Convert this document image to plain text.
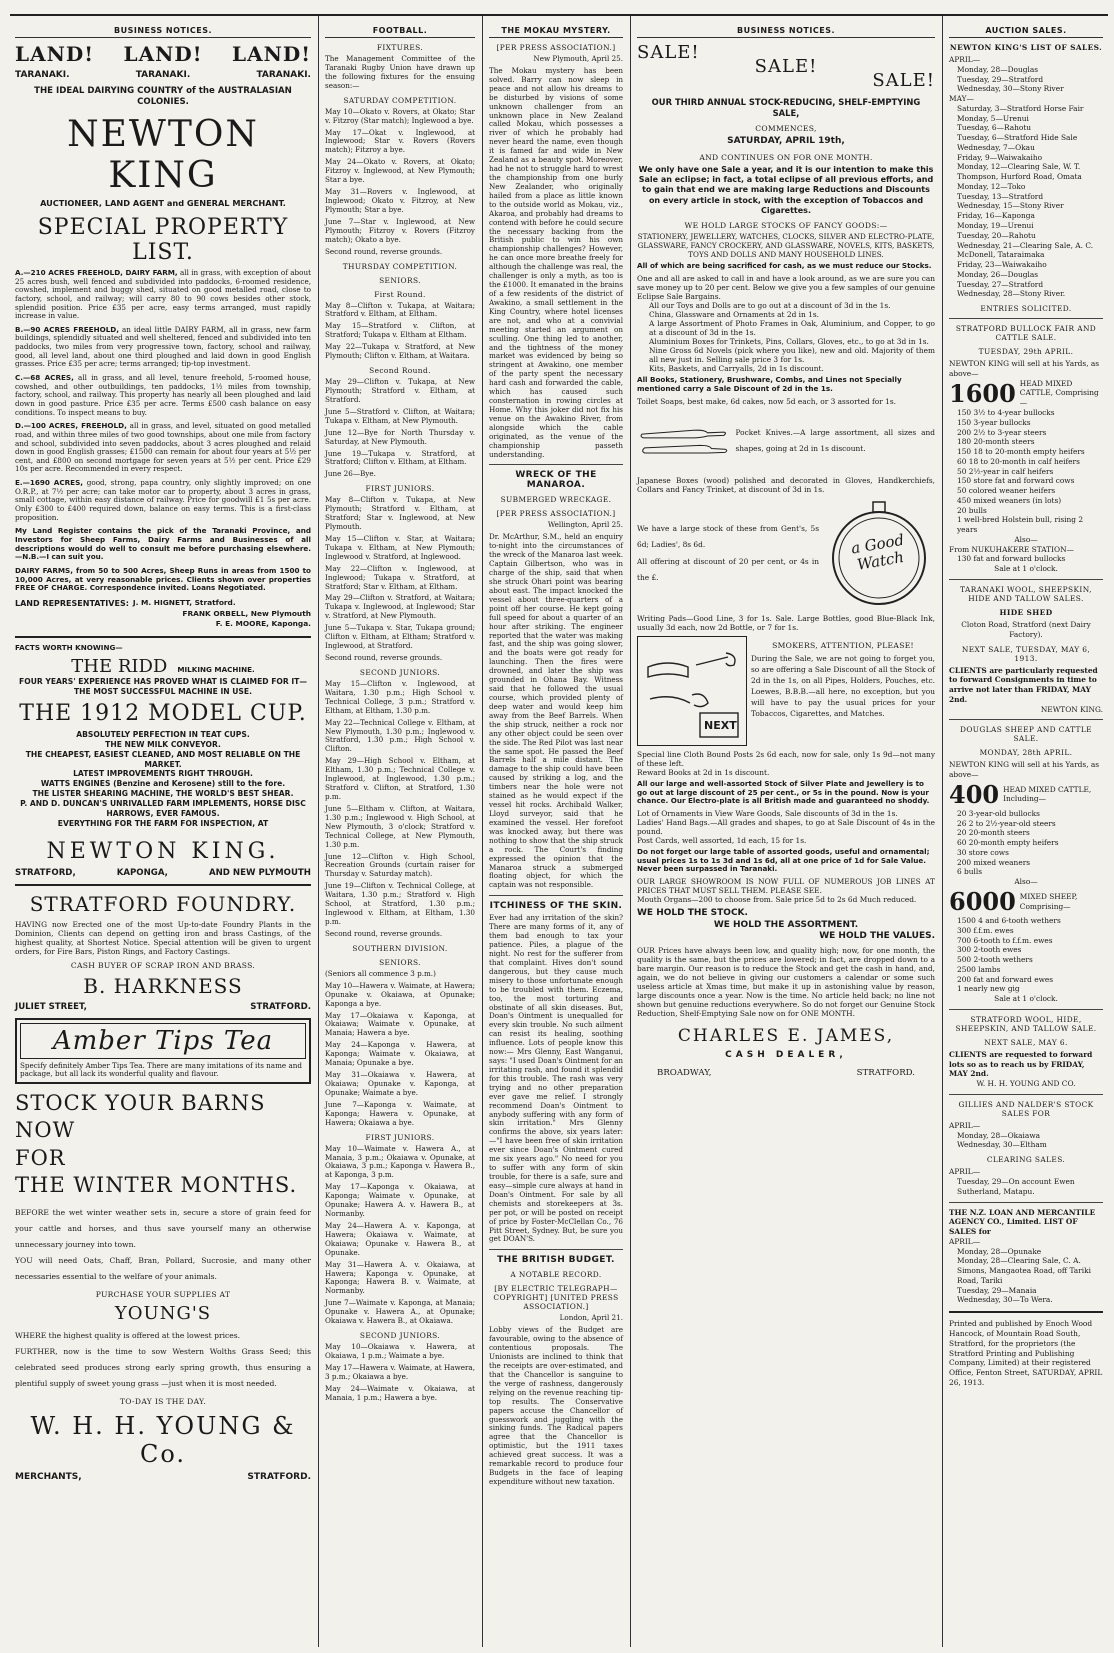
BUSINESS NOTICES.
LAND! LAND! LAND!
TARANAKI.	TARANAKI.	TARANAKI.
THE IDEAL DAIRYING COUNTRY of the AUSTRALASIAN COLONIES.
NEWTON KING
AUCTIONEER, LAND AGENT and GENERAL MERCHANT.
SPECIAL PROPERTY LIST.
A.—210 ACRES FREEHOLD, DAIRY FARM, all in grass, with exception of about 25 acres bush, well fenced and subdivided into paddocks, 6-roomed residence, cowshed, implement and buggy shed, situated on good metalled road, close to factory, school, and railway; will carry 80 to 90 cows besides other stock, splendid position. Price £35 per acre, easy terms arranged, must rapidly increase in value.
B.—90 ACRES FREEHOLD, an ideal little DAIRY FARM, all in grass, new farm buildings, splendidly situated and well sheltered, fenced and subdivided into ten paddocks, two miles from very progressive town, factory, school and railway, good, all level land, about one third ploughed and laid down in good English grasses. Price £35 per acre; terms arranged; tip-top investment.
C.—68 ACRES, all in grass, and all level, tenure freehold, 5-roomed house, cowshed, and other outbuildings, ten paddocks, 1½ miles from township, factory, school, and railway. This property has nearly all been ploughed and laid down in good pasture. Price £35 per acre. Terms £500 cash balance on easy conditions. To inspect means to buy.
D.—100 ACRES, FREEHOLD, all in grass, and level, situated on good metalled road, and within three miles of two good townships, about one mile from factory and school, subdivided into seven paddocks, about 3 acres ploughed and relaid down in good English grasses; £1500 can remain for about four years at 5½ per cent, and £800 on second mortgage for seven years at 5½ per cent. Price £29 10s per acre. Recommended in every respect.
E.—1690 ACRES, good, strong, papa country, only slightly improved; on one O.R.P., at 7½ per acre; can take motor car to property, about 3 acres in grass, small cottage, within easy distance of railway. Price for goodwill £1 5s per acre. Only £300 to £400 required down, balance on easy terms. This is a first-class proposition.
My Land Register contains the pick of the Taranaki Province, and Investors for Sheep Farms, Dairy Farms and Businesses of all descriptions would do well to consult me before purchasing elsewhere.—N.B.—I can suit you.
DAIRY FARMS, from 50 to 500 Acres, Sheep Runs in areas from 1500 to 10,000 Acres, at very reasonable prices. Clients shown over properties FREE OF CHARGE. Correspondence invited. Loans Negotiated.
LAND REPRESENTATIVES: J. M. HIGNETT, Stratford.
FRANK ORBELL, New Plymouth
F. E. MOORE, Kaponga.
FACTS WORTH KNOWING—
THE RIDD MILKING MACHINE.
FOUR YEARS' EXPERIENCE HAS PROVED WHAT IS CLAIMED FOR IT—THE MOST SUCCESSFUL MACHINE IN USE.
THE 1912 MODEL CUP.
ABSOLUTELY PERFECTION IN TEAT CUPS.
THE NEW MILK CONVEYOR.
THE CHEAPEST, EASIEST CLEANED, AND MOST RELIABLE ON THE MARKET.
LATEST IMPROVEMENTS RIGHT THROUGH.
WATTS ENGINES (Benzine and Kerosene) still to the fore.
THE LISTER SHEARING MACHINE, THE WORLD'S BEST SHEAR.
P. AND D. DUNCAN'S UNRIVALLED FARM IMPLEMENTS, HORSE DISC HARROWS, EVER FAMOUS.
EVERYTHING FOR THE FARM FOR INSPECTION, AT
NEWTON KING.
STRATFORD,	KAPONGA,	AND NEW PLYMOUTH
STRATFORD FOUNDRY.
HAVING now Erected one of the most Up-to-date Foundry Plants in the Dominion, Clients can depend on getting iron and brass Castings, of the highest quality, at Shortest Notice. Special attention will be given to urgent orders, for Fire Bars, Piston Rings, and Factory Castings.
CASH BUYER OF SCRAP IRON AND BRASS.
B. HARKNESS
JULIET STREET,	STRATFORD.
Amber Tips Tea
Specify definitely Amber Tips Tea. There are many imitations of its name and package, but all lack its wonderful quality and flavour.
STOCK YOUR BARNS NOW
FOR
THE WINTER MONTHS.
BEFORE the wet winter weather sets in, secure a store of grain feed for your cattle and horses, and thus save yourself many an otherwise unnecessary journey into town.
YOU will need Oats, Chaff, Bran, Pollard, Sucrosie, and many other necessaries essential to the welfare of your animals.
PURCHASE YOUR SUPPLIES AT
YOUNG'S
WHERE the highest quality is offered at the lowest prices.
FURTHER, now is the time to sow Western Wolths Grass Seed; this celebrated seed produces strong early spring growth, thus ensuring a plentiful supply of sweet young grass —just when it is most needed.
TO-DAY IS THE DAY.
W. H. H. YOUNG & Co.
MERCHANTS,	STRATFORD.
FOOTBALL.
FIXTURES.
The Management Committee of the Taranaki Rugby Union have drawn up the following fixtures for the ensuing season:—
SATURDAY COMPETITION.
May 10—Okato v. Rovers, at Okato; Star v. Fitzroy (Star match); Inglewood a bye.
May 17—Okat v. Inglewood, at Inglewood; Star v. Rovers (Rovers match); Fitzroy a bye.
May 24—Okato v. Rovers, at Okato; Fitzroy v. Inglewood, at New Plymouth; Star a bye.
May 31—Rovers v. Inglewood, at Inglewood; Okato v. Fitzroy, at New Plymouth; Star a bye.
June 7—Star v. Inglewood, at New Plymouth; Fitzroy v. Rovers (Fitzroy match); Okato a bye.
Second round, reverse grounds.
THURSDAY COMPETITION.
SENIORS.
First Round.
May 8—Clifton v. Tukapa, at Waitara; Stratford v. Eltham, at Eltham.
May 15—Stratford v. Clifton, at Stratford; Tukapa v. Eltham at Eltham.
May 22—Tukapa v. Stratford, at New Plymouth; Clifton v. Eltham, at Waitara.
Second Round.
May 29—Clifton v. Tukapa, at New Plymouth; Stratford v. Eltham, at Stratford.
June 5—Stratford v. Clifton, at Waitara; Tukapa v. Eltham, at New Plymouth.
June 12—Bye for North Thursday v. Saturday, at New Plymouth.
June 19—Tukapa v. Stratford, at Stratford; Clifton v. Eltham, at Eltham.
June 26—Bye.
FIRST JUNIORS.
May 8—Clifton v. Tukapa, at New Plymouth; Stratford v. Eltham, at Stratford; Star v. Inglewood, at New Plymouth.
May 15—Clifton v. Star, at Waitara; Tukapa v. Eltham, at New Plymouth; Inglewood v. Stratford, at Inglewood.
May 22—Clifton v. Inglewood, at Inglewood; Tukapa v. Stratford, at Stratford; Star v. Eltham, at Eltham.
May 29—Clifton v. Stratford, at Waitara; Tukapa v. Inglewood, at Inglewood; Star v. Stratford, at New Plymouth.
June 5—Tukapa v. Star, Tukapa ground; Clifton v. Eltham, at Eltham; Stratford v. Inglewood, at Stratford.
Second round, reverse grounds.
SECOND JUNIORS.
May 15—Clifton v. Inglewood, at Waitara, 1.30 p.m.; High School v. Technical College, 3 p.m.; Stratford v. Eltham, at Eltham, 1.30 p.m.
May 22—Technical College v. Eltham, at New Plymouth, 1.30 p.m.; Inglewood v. Stratford, 1.30 p.m.; High School v. Clifton.
May 29—High School v. Eltham, at Eltham, 1.30 p.m.; Technical College v. Inglewood, at Inglewood, 1.30 p.m.; Stratford v. Clifton, at Stratford, 1.30 p.m.
June 5—Eltham v. Clifton, at Waitara, 1.30 p.m.; Inglewood v. High School, at New Plymouth, 3 o'clock; Stratford v. Technical College, at New Plymouth, 1.30 p.m.
June 12—Clifton v. High School, Recreation Grounds (curtain raiser for Thursday v. Saturday match).
June 19—Clifton v. Technical College, at Waitara, 1.30 p.m.; Stratford v. High School, at Stratford, 1.30 p.m.; Inglewood v. Eltham, at Eltham, 1.30 p.m.
Second round, reverse grounds.
SOUTHERN DIVISION.
SENIORS.
(Seniors all commence 3 p.m.)
May 10—Hawera v. Waimate, at Hawera; Opunake v. Okaiawa, at Opunake; Kaponga a bye.
May 17—Okaiawa v. Kaponga, at Okaiawa; Waimate v. Opunake, at Manaia; Hawera a bye.
May 24—Kaponga v. Hawera, at Kaponga; Waimate v. Okaiawa, at Manaia; Opunake a bye.
May 31—Okaiawa v. Hawera, at Okaiawa; Opunake v. Kaponga, at Opunake; Waimate a bye.
June 7—Kaponga v. Waimate, at Kaponga; Hawera v. Opunake, at Hawera; Okaiawa a bye.
FIRST JUNIORS.
May 10—Waimate v. Hawera A., at Manaia, 3 p.m.; Okaiawa v. Opunake, at Okaiawa, 3 p.m.; Kaponga v. Hawera B., at Kaponga, 3 p.m.
May 17—Kaponga v. Okaiawa, at Kaponga; Waimate v. Opunake, at Opunake; Hawera A. v. Hawera B., at Normanby.
May 24—Hawera A. v. Kaponga, at Hawera; Okaiawa v. Waimate, at Okaiawa; Opunake v. Hawera B., at Opunake.
May 31—Hawera A. v. Okaiawa, at Hawera; Kaponga v. Opunake, at Kaponga; Hawera B. v. Waimate, at Normanby.
June 7—Waimate v. Kaponga, at Manaia; Opunake v. Hawera A., at Opunake; Okaiawa v. Hawera B., at Okaiawa.
SECOND JUNIORS.
May 10—Okaiawa v. Hawera, at Okaiawa, 1 p.m.; Waimate a bye.
May 17—Hawera v. Waimate, at Hawera, 3 p.m.; Okaiawa a bye.
May 24—Waimate v. Okaiawa, at Manaia, 1 p.m.; Hawera a bye.
THE MOKAU MYSTERY.
[PER PRESS ASSOCIATION.]
New Plymouth, April 25.
The Mokau mystery has been solved. Barry can now sleep in peace and not allow his dreams to be disturbed by visions of some unknown challenger from an unknown place in New Zealand called Mokau, which possesses a river of which he probably had never heard the name, even though it is famed far and wide in New Zealand as a beauty spot. Moreover, had he not to struggle hard to wrest the championship from one burly New Zealander, who originally hailed from a place as little known to the outside world as Mokau, viz., Akaroa, and probably had dreams to contend with before he could secure the necessary backing from the British public to win his own championship challenges? However, he can once more breathe freely for although the challenge was real, the challenger is only a myth, as too is the £1000. It emanated in the brains of a few residents of the district of Awakino, a small settlement in the King Country, where hotel licenses are not, and who at a convivial meeting started an argument on sculling. One thing led to another, and the tightness of the money market was evidenced by being so stringent at Awakino, one member of the party spent the necessary hard cash and forwarded the cable, which has caused such consternation in rowing circles at Home. Why this joker did not fix his venue on the Awakino River, from alongside which the cable originated, as the venue of the championship passeth understanding.
WRECK OF THE MANAROA.
SUBMERGED WRECKAGE.
[PER PRESS ASSOCIATION.]
Wellington, April 25.
Dr. McArthur, S.M., held an enquiry to-night into the circumstances of the wreck of the Manaroa last week. Captain Gilbertson, who was in charge of the ship, said that when she struck Ohari point was bearing about east. The impact knocked the vessel about three-quarters of a point off her course. He kept going full speed for about a quarter of an hour after striking. The engineer reported that the water was making fast, and the ship was going slower, and the boats were got ready for launching. Then the fires were drowned, and later the ship was grounded in Ohana Bay. Witness said that he followed the usual course, which provided plenty of deep water and would keep him away from the Beef Barrels. When the ship struck, neither a rock nor any other object could be seen over the side. The Red Pilot was last near the same spot. He passed the Beef Barrels half a mile distant. The damage to the ship could have been caused by striking a log, and the timbers near the hole were not stained as he would expect if the vessel hit rocks. Archibald Walker, Lloyd surveyor, said that he examined the vessel. Her forefoot was knocked away, but there was nothing to show that the ship struck a rock. The Court's finding expressed the opinion that the Manaroa struck a submerged floating object, for which the captain was not responsible.
ITCHINESS OF THE SKIN.
Ever had any irritation of the skin? There are many forms of it, any of them bad enough to tax your patience. Piles, a plague of the night. No rest for the sufferer from that complaint. Hives don't sound dangerous, but they cause much misery to those unfortunate enough to be troubled with them. Eczema, too, the most torturing and obstinate of all skin diseases. But, Doan's Ointment is unequalled for every skin trouble. No such ailment can resist its healing, soothing influence. Lots of people know this now:— Mrs Glenny, East Wanganui, says: "I used Doan's Ointment for an irritating rash, and found it splendid for this trouble. The rash was very trying and no other preparation ever gave me relief. I strongly recommend Doan's Ointment to anybody suffering with any form of skin irritation." Mrs Glenny confirms the above, six years later:—"I have been free of skin irritation ever since Doan's Ointment cured me six years ago." No need for you to suffer with any form of skin trouble, for there is a safe, sure and easy—simple cure always at hand in Doan's Ointment. For sale by all chemists and storekeepers at 3s. per pot, or will be posted on receipt of price by Foster-McClellan Co., 76 Pitt Street, Sydney. But, be sure you get DOAN'S.
THE BRITISH BUDGET.
A NOTABLE RECORD.
[BY ELECTRIC TELEGRAPH—COPYRIGHT] [UNITED PRESS ASSOCIATION.]
London, April 21.
Lobby views of the Budget are favourable, owing to the absence of contentious proposals. The Unionists are inclined to think that the receipts are over-estimated, and that the Chancellor is sanguine to the verge of rashness, dangerously relying on the revenue reaching tip-top results. The Conservative papers accuse the Chancellor of guesswork and juggling with the sinking funds. The Radical papers agree that the Chancellor is optimistic, but the 1911 taxes achieved great success. It was a remarkable record to produce four Budgets in the face of leaping expenditure without new taxation.
BUSINESS NOTICES.
SALE!
SALE!
SALE!
OUR THIRD ANNUAL STOCK-REDUCING, SHELF-EMPTYING SALE,
COMMENCES,
SATURDAY, APRIL 19th,
AND CONTINUES ON FOR ONE MONTH.
We only have one Sale a year, and it is our intention to make this Sale an eclipse; in fact, a total eclipse of all previous efforts, and to gain that end we are making large Reductions and Discounts on every article in stock, with the exception of Tobaccos and Cigarettes.
WE HOLD LARGE STOCKS OF FANCY GOODS:—
STATIONERY, JEWELLERY, WATCHES, CLOCKS, SILVER AND ELECTRO-PLATE, GLASSWARE, FANCY CROCKERY, AND GLASSWARE, NOVELS, KITS, BASKETS, TOYS AND DOLLS AND MANY HOUSEHOLD LINES.
All of which are being sacrificed for cash, as we must reduce our Stocks.
One and all are asked to call in and have a look around, as we are sure you can save money up to 20 per cent. Below we give you a few samples of our genuine Eclipse Sale Bargains.
All our Toys and Dolls are to go out at a discount of 3d in the 1s.
China, Glassware and Ornaments at 2d in 1s.
A large Assortment of Photo Frames in Oak, Aluminium, and Copper, to go at a discount of 3d in the 1s.
Aluminium Boxes for Trinkets, Pins, Collars, Gloves, etc., to go at 3d in 1s.
Nine Gross 6d Novels (pick where you like), new and old. Majority of them all new just in. Selling sale price 3 for 1s.
Kits, Baskets, and Carryalls, 2d in 1s discount.
All Books, Stationery, Brushware, Combs, and Lines not Specially mentioned carry a Sale Discount of 2d in the 1s.
Toilet Soaps, best make, 6d cakes, now 5d each, or 3 assorted for 1s.
Pocket Knives.—A large assortment, all sizes and shapes, going at 2d in 1s discount.
Japanese Boxes (wood) polished and decorated in Gloves, Handkerchiefs, Collars and Fancy Trinket, at discount of 3d in 1s.
We have a large stock of these from Gent's, 5s 6d; Ladies', 8s 6d.
All offering at discount of 20 per cent, or 4s in the £.
a Good Watch
Writing Pads—Good Line, 3 for 1s. Sale. Large Bottles, good Blue-Black Ink, usually 3d each, now 2d Bottle, or 7 for 1s.
NEXT
SMOKERS, ATTENTION, PLEASE!
During the Sale, we are not going to forget you, so are offering a Sale Discount of all the Stock of 2d in the 1s, on all Pipes, Holders, Pouches, etc. Loewes, B.B.B.—all here, no exception, but you will have to pay the usual prices for your Tobaccos, Cigarettes, and Matches.
Special line Cloth Bound Posts 2s 6d each, now for sale, only 1s 9d—not many of these left.
Reward Books at 2d in 1s discount.
All our large and well-assorted Stock of Silver Plate and Jewellery is to go out at large discount of 25 per cent., or 5s in the pound. Now is your chance. Our Electro-plate is all British made and guaranteed no shoddy.
Lot of Ornaments in View Ware Goods, Sale discounts of 3d in the 1s.
Ladies' Hand Bags.—All grades and shapes, to go at Sale Discount of 4s in the pound.
Post Cards, well assorted, 1d each, 15 for 1s.
Do not forget our large table of assorted goods, useful and ornamental; usual prices 1s to 1s 3d and 1s 6d, all at one price of 1d for Sale Value. Never been surpassed in Taranaki.
OUR LARGE SHOWROOM IS NOW FULL OF NUMEROUS JOB LINES AT PRICES THAT MUST SELL THEM. PLEASE SEE.
Mouth Organs—200 to choose from. Sale price 5d to 2s 6d Much reduced.
WE HOLD THE STOCK.
WE HOLD THE ASSORTMENT.
WE HOLD THE VALUES.
OUR Prices have always been low, and quality high; now, for one month, the quality is the same, but the prices are lowered; in fact, are dropped down to a bare margin. Our reason is to reduce the Stock and get the cash in hand, and, again, we do not believe in giving our customers a calendar or some such useless article at Xmas time, but make it up in astonishing value by reason, large discounts once a year. Now is the time. No article held back; no line not shown but genuine reductions everywhere. So do not forget our Genuine Stock Reduction, Shelf-Emptying Sale now on for ONE MONTH.
CHARLES E. JAMES,
CASH DEALER,
BROADWAY,	STRATFORD.
AUCTION SALES.
NEWTON KING'S LIST OF SALES.
APRIL—
Monday, 28—Douglas
Tuesday, 29—Stratford
Wednesday, 30—Stony River
MAY—
Saturday, 3—Stratford Horse Fair
Monday, 5—Urenui
Tuesday, 6—Rahotu
Tuesday, 6—Stratford Hide Sale
Wednesday, 7—Okau
Friday, 9—Waiwakaiho
Monday, 12—Clearing Sale, W. T. Thompson, Hurford Road, Omata
Monday, 12—Toko
Tuesday, 13—Stratford
Wednesday, 15—Stony River
Friday, 16—Kaponga
Monday, 19—Urenui
Tuesday, 20—Rahotu
Wednesday, 21—Clearing Sale, A. C. McDonell, Tataraimaka
Friday, 23—Waiwakaiho
Monday, 26—Douglas
Tuesday, 27—Stratford
Wednesday, 28—Stony River.
ENTRIES SOLICITED.
STRATFORD BULLOCK FAIR AND CATTLE SALE.
TUESDAY, 29th APRIL.
NEWTON KING will sell at his Yards, as above—
1600 HEAD MIXED CATTLE, Comprising—
150 3½ to 4-year bullocks
150 3-year bullocks
200 2½ to 3-year steers
180 20-month steers
150 18 to 20-month empty heifers
60 18 to 20-month in calf heifers
50 2½-year in calf heifers
150 store fat and forward cows
50 colored weaner heifers
450 mixed weaners (in lots)
20 bulls
1 well-bred Holstein bull, rising 2 years
Also—
From NUKUHAKERE STATION—
130 fat and forward bullocks
Sale at 1 o'clock.
TARANAKI WOOL, SHEEPSKIN, HIDE AND TALLOW SALES.
HIDE SHED
Cloton Road, Stratford (next Dairy Factory).
NEXT SALE, TUESDAY, MAY 6, 1913.
CLIENTS are particularly requested to forward Consignments in time to arrive not later than FRIDAY, MAY 2nd.
NEWTON KING.
DOUGLAS SHEEP AND CATTLE SALE.
MONDAY, 28th APRIL.
NEWTON KING will sell at his Yards, as above—
400 HEAD MIXED CATTLE, Including—
20 3-year-old bullocks
26 2 to 2½-year-old steers
20 20-month steers
60 20-month empty heifers
30 store cows
200 mixed weaners
6 bulls
Also—
6000 MIXED SHEEP, Comprising—
1500 4 and 6-tooth wethers
300 f.f.m. ewes
700 6-tooth to f.f.m. ewes
300 2-tooth ewes
500 2-tooth wethers
2500 lambs
200 fat and forward ewes
1 nearly new gig
Sale at 1 o'clock.
STRATFORD WOOL, HIDE, SHEEPSKIN, AND TALLOW SALE.
NEXT SALE, MAY 6.
CLIENTS are requested to forward lots so as to reach us by FRIDAY, MAY 2nd.
W. H. H. YOUNG AND CO.
GILLIES AND NALDER'S STOCK SALES FOR
APRIL—
Monday, 28—Okaiawa
Wednesday, 30—Eltham
CLEARING SALES.
APRIL—
Tuesday, 29—On account Ewen Sutherland, Matapu.
THE N.Z. LOAN AND MERCANTILE AGENCY CO., Limited. LIST OF SALES for
APRIL—
Monday, 28—Opunake
Monday, 28—Clearing Sale, C. A. Simons, Mangaotea Road, off Tariki Road, Tariki
Tuesday, 29—Manaia
Wednesday, 30—To Wera.
Printed and published by Enoch Wood Hancock, of Mountain Road South, Stratford, for the proprietors (the Stratford Printing and Publishing Company, Limited) at their registered Office, Fenton Street, SATURDAY, APRIL 26, 1913.
